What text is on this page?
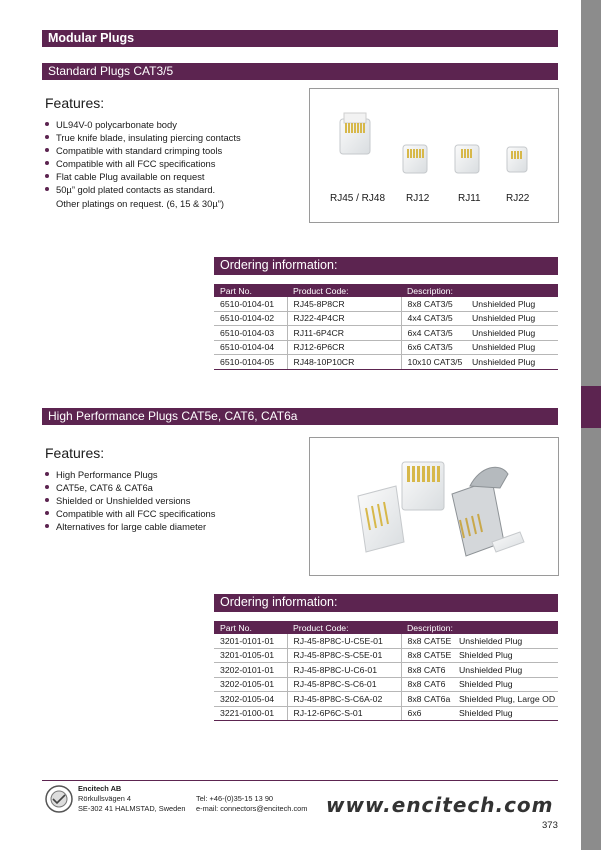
Modular Plugs
Standard Plugs CAT3/5
Features:
UL94V-0 polycarbonate body
True knife blade, insulating piercing contacts
Compatible with standard crimping tools
Compatible with all FCC specifications
Flat cable Plug available on request
50µ” gold plated contacts as standard.
Other platings on request. (6, 15 & 30µ”)	RJ45 / RJ48 RJ12	RJ11	RJ22
Ordering information:
Part No.	Product Code:	Description:	
6510-0104-01	RJ45-8P8CR	8x8 CAT3/5	Unshielded Plug
6510-0104-02	RJ22-4P4CR	4x4 CAT3/5	Unshielded Plug
6510-0104-03	RJ11-6P4CR	6x4 CAT3/5	Unshielded Plug
6510-0104-04	RJ12-6P6CR	6x6 CAT3/5	Unshielded Plug
6510-0104-05	RJ48-10P10CR	10x10 CAT3/5	Unshielded Plug
High Performance Plugs CAT5e, CAT6, CAT6a
Features:
High Performance Plugs
CAT5e, CAT6 & CAT6a
Shielded or Unshielded versions
Compatible with all FCC specifications
Alternatives for large cable diameter
Ordering information:
Part No.	Product Code:	Description:	
3201-0101-01	RJ-45-8P8C-U-C5E-01	8x8 CAT5E	Unshielded Plug
3201-0105-01	RJ-45-8P8C-S-C5E-01	8x8 CAT5E	Shielded Plug
3202-0101-01	RJ-45-8P8C-U-C6-01	8x8 CAT6	Unshielded Plug
3202-0105-01	RJ-45-8P8C-S-C6-01	8x8 CAT6	Shielded Plug
3202-0105-04	RJ-45-8P8C-S-C6A-02	8x8 CAT6a	Shielded Plug, Large OD
3221-0100-01	RJ-12-6P6C-S-01	6x6	Shielded Plug
Encitech AB
Rörkullsvägen 4
SE-302 41 HALMSTAD, Sweden
Tel: +46-(0)35-15 13 90
e-mail: connectors@encitech.com www.encitech.com
373
